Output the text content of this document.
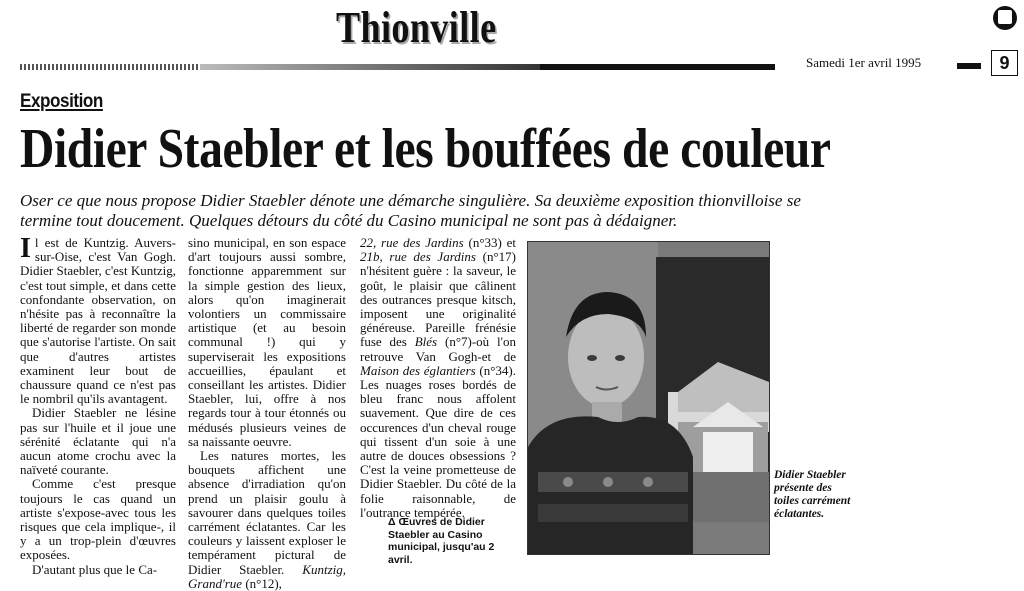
Thionville
Samedi 1er avril 1995	9
Exposition
Didier Staebler et les bouffées de couleur
Oser ce que nous propose Didier Staebler dénote une démarche singulière. Sa deuxième exposition thionvilloise se termine tout doucement. Quelques détours du côté du Casino municipal ne sont pas à dédaigner.

Il est de Kuntzig. Auvers-sur-Oise, c'est Van Gogh. Didier Staebler, c'est Kuntzig, c'est tout simple, et dans cette confondante observation, on n'hésite pas à reconnaître la liberté de regarder son monde que s'autorise l'artiste. On sait que d'autres artistes examinent leur bout de chaussure quand ce n'est pas le nombril qu'ils avantagent.

Didier Staebler ne lésine pas sur l'huile et il joue une sérénité éclatante qui n'a aucun atome crochu avec la naïveté courante.

Comme c'est presque toujours le cas quand un artiste s'expose-avec tous les risques que cela implique-, il y a un trop-plein d'œuvres exposées.

D'autant plus que le Ca-

sino municipal, en son espace d'art toujours aussi sombre, fonctionne apparemment sur la simple gestion des lieux, alors qu'on imaginerait volontiers un commissaire artistique (et au besoin communal !) qui y superviserait les expositions accueillies, épaulant et conseillant les artistes. Didier Staebler, lui, offre à nos regards tour à tour étonnés ou médusés plusieurs veines de sa naissante oeuvre.

Les natures mortes, les bouquets affichent une absence d'irradiation qu'on prend un plaisir goulu à savourer dans quelques toiles carrément éclatantes. Car les couleurs y laissent exploser le tempérament pictural de Didier Staebler. Kuntzig, Grand'rue (n°12),

22, rue des Jardins (n°33) et 21b, rue des Jardins (n°17) n'hésitent guère : la saveur, le goût, le plaisir que câlinent des outrances presque kitsch, imposent une originalité généreuse. Pareille frénésie fuse des Blés (n°7)-où l'on retrouve Van Gogh-et de Maison des églantiers (n°34). Les nuages roses bordés de bleu franc nous affolent suavement. Que dire de ces occurences d'un cheval rouge qui tissent d'un soie à une autre de douces obsessions ? C'est la veine prometteuse de Didier Staebler. Du côté de la folie raisonnable, de l'outrance tempérée.

Δ Œuvres de Didier Staebler au Casino municipal, jusqu'au 2 avril.
Didier Staebler présente des toiles carrément éclatantes.
